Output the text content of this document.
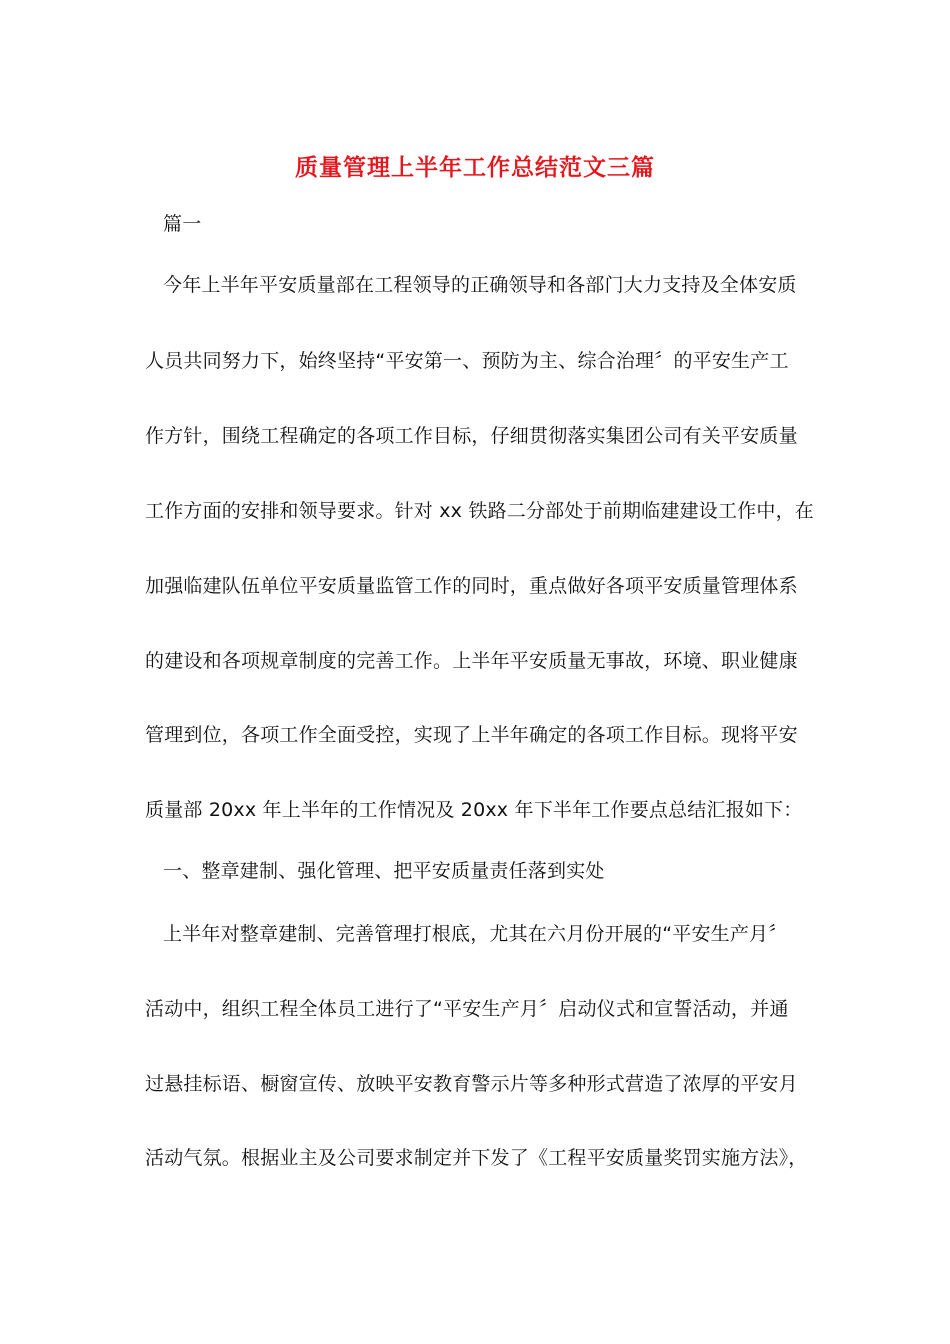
质量管理上半年工作总结范文三篇
篇一
今年上半年平安质量部在工程领导的正确领导和各部门大力支持及全体安质
人员共同努力下，始终坚持“平安第一、预防为主、综合治理〞的平安生产工
作方针，围绕工程确定的各项工作目标，仔细贯彻落实集团公司有关平安质量
工作方面的安排和领导要求。针对 xx 铁路二分部处于前期临建建设工作中，在
加强临建队伍单位平安质量监管工作的同时，重点做好各项平安质量管理体系
的建设和各项规章制度的完善工作。上半年平安质量无事故，环境、职业健康
管理到位，各项工作全面受控，实现了上半年确定的各项工作目标。现将平安
质量部 20xx 年上半年的工作情况及 20xx 年下半年工作要点总结汇报如下：
一、整章建制、强化管理、把平安质量责任落到实处
上半年对整章建制、完善管理打根底，尤其在六月份开展的“平安生产月〞
活动中，组织工程全体员工进行了“平安生产月〞启动仪式和宣誓活动，并通
过悬挂标语、橱窗宣传、放映平安教育警示片等多种形式营造了浓厚的平安月
活动气氛。根据业主及公司要求制定并下发了《工程平安质量奖罚实施方法》，
